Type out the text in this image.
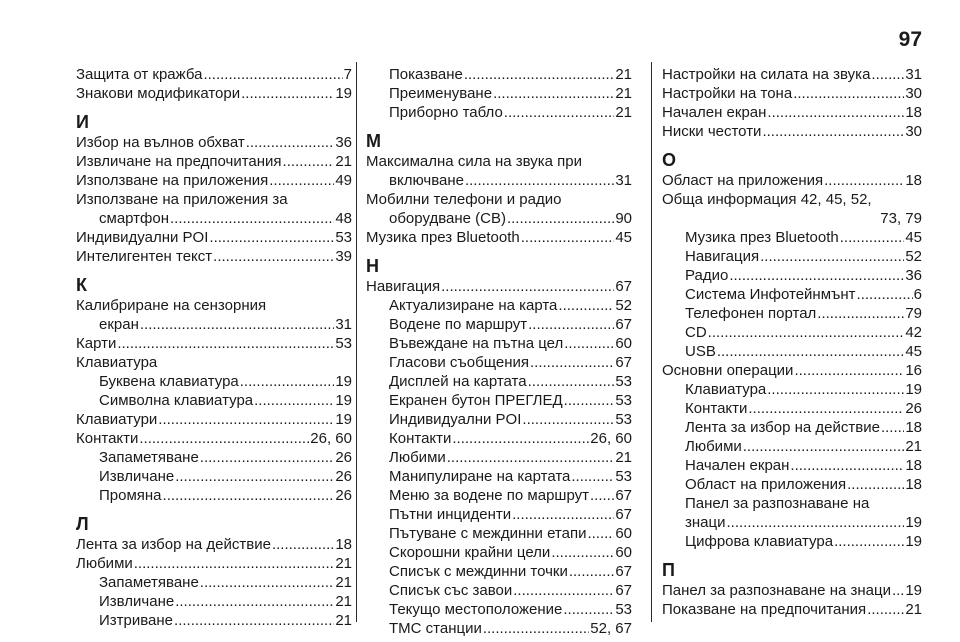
97
Защита от кражба .....	7
Знакови модификатори .....	19
И
Избор на вълнов обхват .....	36
Извличане на предпочитания .....	21
Използване на приложения .....	49
Използване на приложения за
смартфон .....	48
Индивидуални POI .....	53
Интелигентен текст .....	39
К
Калибриране на сензорния
екран .....	31
Карти .....	53
Клавиатура
Буквена клавиатура .....	19
Символна клавиатура .....	19
Клавиатури .....	19
Контакти .....	26, 60
Запаметяване .....	26
Извличане .....	26
Промяна .....	26
Л
Лента за избор на действие .....	18
Любими .....	21
Запаметяване .....	21
Извличане .....	21
Изтриване .....	21
Показване .....	21
Преименуване .....	21
Приборно табло .....	21
М
Максимална сила на звука при
включване .....	31
Мобилни телефони и радио
оборудване (CB) .....	90
Музика през Bluetooth .....	45
Н
Навигация .....	67
Актуализиране на карта .....	52
Водене по маршрут .....	67
Въвеждане на пътна цел .....	60
Гласови съобщения .....	67
Дисплей на картата .....	53
Екранен бутон ПРЕГЛЕД .....	53
Индивидуални POI .....	53
Контакти .....	26, 60
Любими .....	21
Манипулиране на картата .....	53
Меню за водене по маршрут ..... 67
Пътни инциденти .....	67
Пътуване с междинни етапи ..... 60
Скорошни крайни цели .....	60
Списък с междинни точки .....	67
Списък със завои .....	67
Текущо местоположение .....	53
TMC станции .....	52, 67
Настройки на силата на звука ..... 31
Настройки на тона .....	30
Начален екран .....	18
Ниски честоти .....	30
О
Област на приложения .....	18
Обща информация 42, 45, 52,
73, 79
Музика през Bluetooth .....	45
Навигация .....	52
Радио .....	36
Система Инфотейнмънт .....	6
Телефонен портал .....	79
CD .....	42
USB .....	45
Основни операции .....	16
Клавиатура .....	19
Контакти .....	26
Лента за избор на действие ..... 18
Любими .....	21
Начален екран .....	18
Област на приложения .....	18
Панел за разпознаване на
знаци .....	19
Цифрова клавиатура .....	19
П
Панел за разпознаване на знаци ..... 19
Показване на предпочитания .....	21
